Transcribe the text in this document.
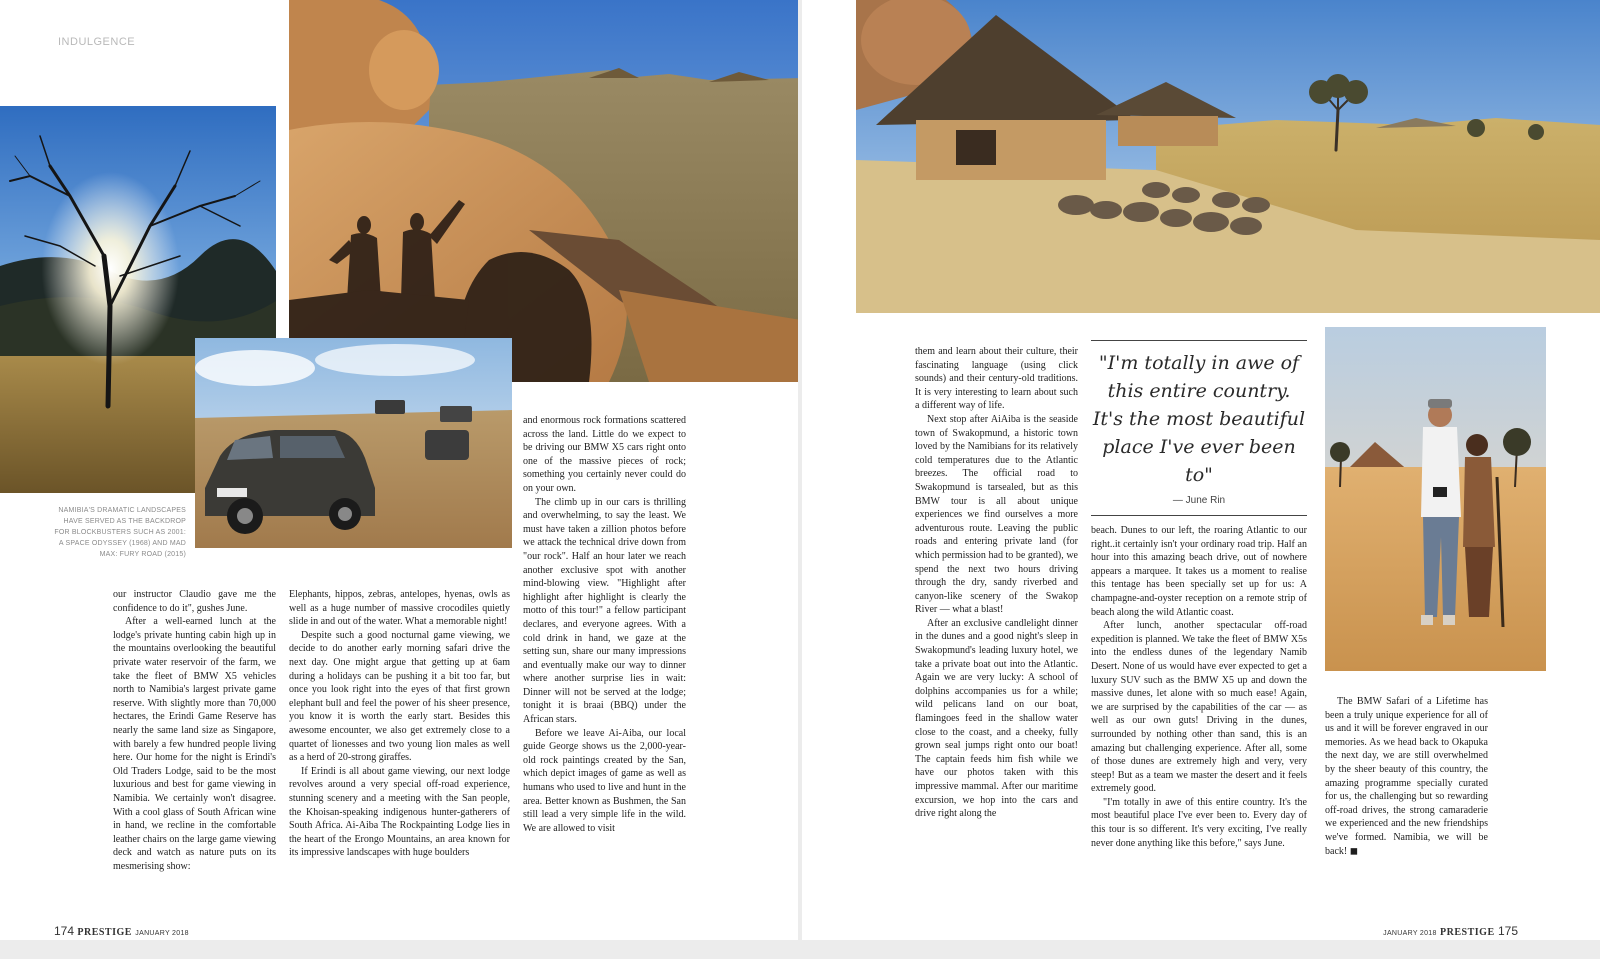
INDULGENCE
NAMIBIA'S DRAMATIC LANDSCAPES HAVE SERVED AS THE BACKDROP FOR BLOCKBUSTERS SUCH AS 2001: A SPACE ODYSSEY (1968) AND MAD MAX: FURY ROAD (2015)

our instructor Claudio gave me the confidence to do it", gushes June.

After a well-earned lunch at the lodge's private hunting cabin high up in the mountains overlooking the beautiful private water reservoir of the farm, we take the fleet of BMW X5 vehicles north to Namibia's largest private game reserve. With slightly more than 70,000 hectares, the Erindi Game Reserve has nearly the same land size as Singapore, with barely a few hundred people living here. Our home for the night is Erindi's Old Traders Lodge, said to be the most luxurious and best for game viewing in Namibia. We certainly won't disagree. With a cool glass of South African wine in hand, we recline in the comfortable leather chairs on the large game viewing deck and watch as nature puts on its mesmerising show:

Elephants, hippos, zebras, antelopes, hyenas, owls as well as a huge number of massive crocodiles quietly slide in and out of the water. What a memorable night!

Despite such a good nocturnal game viewing, we decide to do another early morning safari drive the next day. One might argue that getting up at 6am during a holidays can be pushing it a bit too far, but once you look right into the eyes of that first grown elephant bull and feel the power of his sheer presence, you know it is worth the early start. Besides this awesome encounter, we also get extremely close to a quartet of lionesses and two young lion males as well as a herd of 20-strong giraffes.

If Erindi is all about game viewing, our next lodge revolves around a very special off-road experience, stunning scenery and a meeting with the San people, the Khoisan-speaking indigenous hunter-gatherers of South Africa. Ai-Aiba The Rockpainting Lodge lies in the heart of the Erongo Mountains, an area known for its impressive landscapes with huge boulders

and enormous rock formations scattered across the land. Little do we expect to be driving our BMW X5 cars right onto one of the massive pieces of rock; something you certainly never could do on your own.

The climb up in our cars is thrilling and overwhelming, to say the least. We must have taken a zillion photos before we attack the technical drive down from "our rock". Half an hour later we reach another exclusive spot with another mind-blowing view. "Highlight after highlight after highlight is clearly the motto of this tour!" a fellow participant declares, and everyone agrees. With a cold drink in hand, we gaze at the setting sun, share our many impressions and eventually make our way to dinner where another surprise lies in wait: Dinner will not be served at the lodge; tonight it is braai (BBQ) under the African stars.

Before we leave Ai-Aiba, our local guide George shows us the 2,000-year-old rock paintings created by the San, which depict images of game as well as humans who used to live and hunt in the area. Better known as Bushmen, the San still lead a very simple life in the wild. We are allowed to visit

174 PRESTIGE JANUARY 2018

them and learn about their culture, their fascinating language (using click sounds) and their century-old traditions. It is very interesting to learn about such a different way of life.

Next stop after AiAiba is the seaside town of Swakopmund, a historic town loved by the Namibians for its relatively cold temperatures due to the Atlantic breezes. The official road to Swakopmund is tarsealed, but as this BMW tour is all about unique experiences we find ourselves a more adventurous route. Leaving the public roads and entering private land (for which permission had to be granted), we spend the next two hours driving through the dry, sandy riverbed and canyon-like scenery of the Swakop River — what a blast!

After an exclusive candlelight dinner in the dunes and a good night's sleep in Swakopmund's leading luxury hotel, we take a private boat out into the Atlantic. Again we are very lucky: A school of dolphins accompanies us for a while; wild pelicans land on our boat, flamingoes feed in the shallow water close to the coast, and a cheeky, fully grown seal jumps right onto our boat! The captain feeds him fish while we have our photos taken with this impressive mammal. After our maritime excursion, we hop into the cars and drive right along the

"I'm totally in awe of this entire country. It's the most beautiful place I've ever been to"
— June Rin

beach. Dunes to our left, the roaring Atlantic to our right..it certainly isn't your ordinary road trip. Half an hour into this amazing beach drive, out of nowhere appears a marquee. It takes us a moment to realise this tentage has been specially set up for us: A champagne-and-oyster reception on a remote strip of beach along the wild Atlantic coast.

After lunch, another spectacular off-road expedition is planned. We take the fleet of BMW X5s into the endless dunes of the legendary Namib Desert. None of us would have ever expected to get a luxury SUV such as the BMW X5 up and down the massive dunes, let alone with so much ease! Again, we are surprised by the capabilities of the car — as well as our own guts! Driving in the dunes, surrounded by nothing other than sand, this is an amazing but challenging experience. After all, some of those dunes are extremely high and very, very steep! But as a team we master the desert and it feels extremely good.

"I'm totally in awe of this entire country. It's the most beautiful place I've ever been to. Every day of this tour is so different. It's very exciting, I've really never done anything like this before," says June.

The BMW Safari of a Lifetime has been a truly unique experience for all of us and it will be forever engraved in our memories. As we head back to Okapuka the next day, we are still overwhelmed by the sheer beauty of this country, the amazing programme specially curated for us, the challenging but so rewarding off-road drives, the strong camaraderie we experienced and the new friendships we've formed. Namibia, we will be back! ◼

JANUARY 2018 PRESTIGE 175
